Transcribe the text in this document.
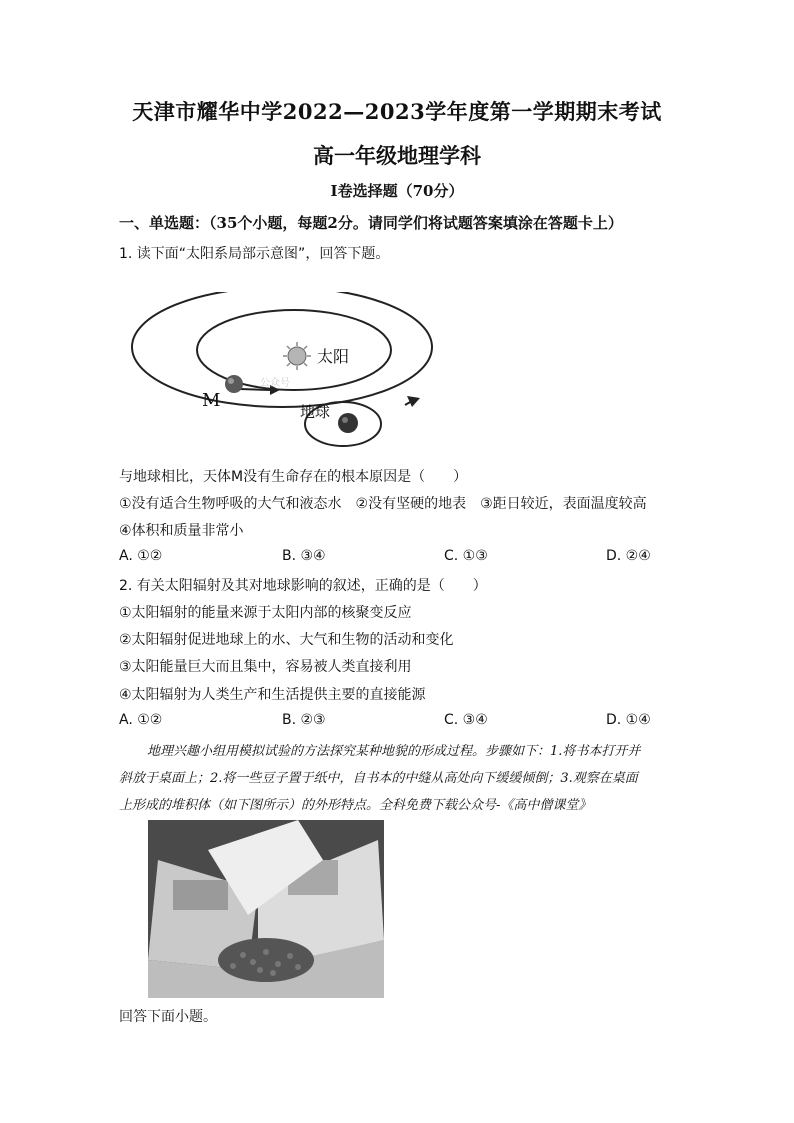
天津市耀华中学2022—2023学年度第一学期期末考试
高一年级地理学科
I卷选择题（70分）
一、单选题：（35个小题，每题2分。请同学们将试题答案填涂在答题卡上）
1. 读下面“太阳系局部示意图”，回答下题。
太阳
M
地球
公众号
与地球相比，天体M没有生命存在的根本原因是（　　）
①没有适合生物呼吸的大气和液态水　②没有坚硬的地表　③距日较近，表面温度较高
④体积和质量非常小
A. ①②	B. ③④	C. ①③	D. ②④
2. 有关太阳辐射及其对地球影响的叙述，正确的是（　　）
①太阳辐射的能量来源于太阳内部的核聚变反应
②太阳辐射促进地球上的水、大气和生物的活动和变化
③太阳能量巨大而且集中，容易被人类直接利用
④太阳辐射为人类生产和生活提供主要的直接能源
A. ①②	B. ②③	C. ③④	D. ①④
地理兴趣小组用模拟试验的方法探究某种地貌的形成过程。步骤如下：1.将书本打开并
斜放于桌面上；2.将一些豆子置于纸中，自书本的中缝从高处向下缓缓倾倒；3.观察在桌面
上形成的堆积体（如下图所示）的外形特点。全科免费下载公众号-《高中僧课堂》
回答下面小题。
